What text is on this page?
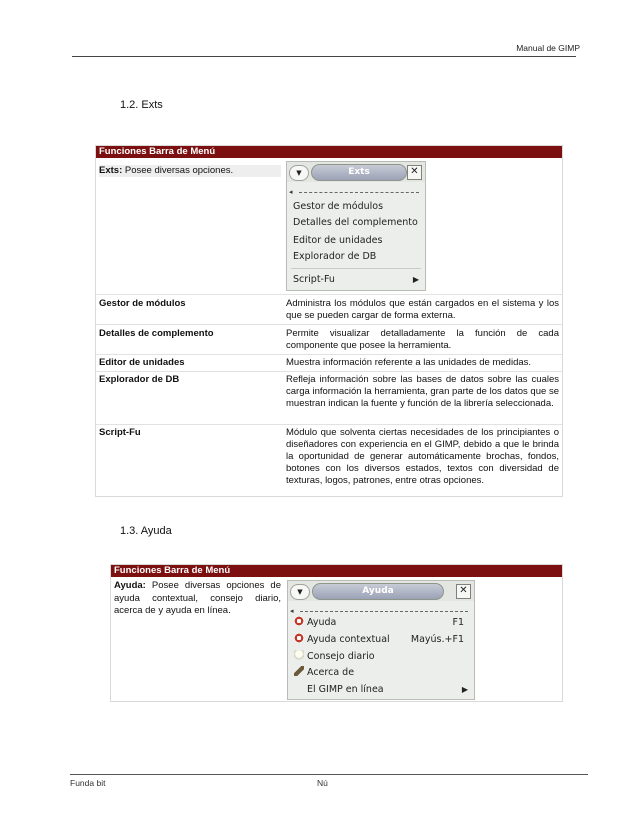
Manual de GIMP
1.2. Exts
Funciones Barra de Menú
Exts: Posee diversas opciones.	▼	Exts	✕
◂
Gestor de módulos
Detalles del complemento
Editor de unidades
Explorador de DB
Script-Fu	▶
Gestor de módulos	Administra los módulos que están cargados en el sistema y los que se pueden cargar de forma externa.
Detalles de complemento	Permite visualizar detalladamente la función de cada componente que posee la herramienta.
Editor de unidades	Muestra información referente a las unidades de medidas.
Explorador de DB	Refleja información sobre las bases de datos sobre las cuales carga información la herramienta, gran parte de los datos que se muestran indican la fuente y función de la librería seleccionada.
Script-Fu	Módulo que solventa ciertas necesidades de los principiantes o diseñadores con experiencia en el GIMP, debido a que le brinda la oportunidad de generar automáticamente brochas, fondos, botones con los diversos estados, textos con diversidad de texturas, logos, patrones, entre otras opciones.
1.3. Ayuda
Funciones Barra de Menú
Ayuda: Posee diversas opciones de ayuda contextual, consejo diario, acerca de y ayuda en línea.
▼	Ayuda	✕
◂
Ayuda	F1
Ayuda contextual Mayús.+F1
Consejo diario
Acerca de
El GIMP en línea	▶
Funda bit	Nú
